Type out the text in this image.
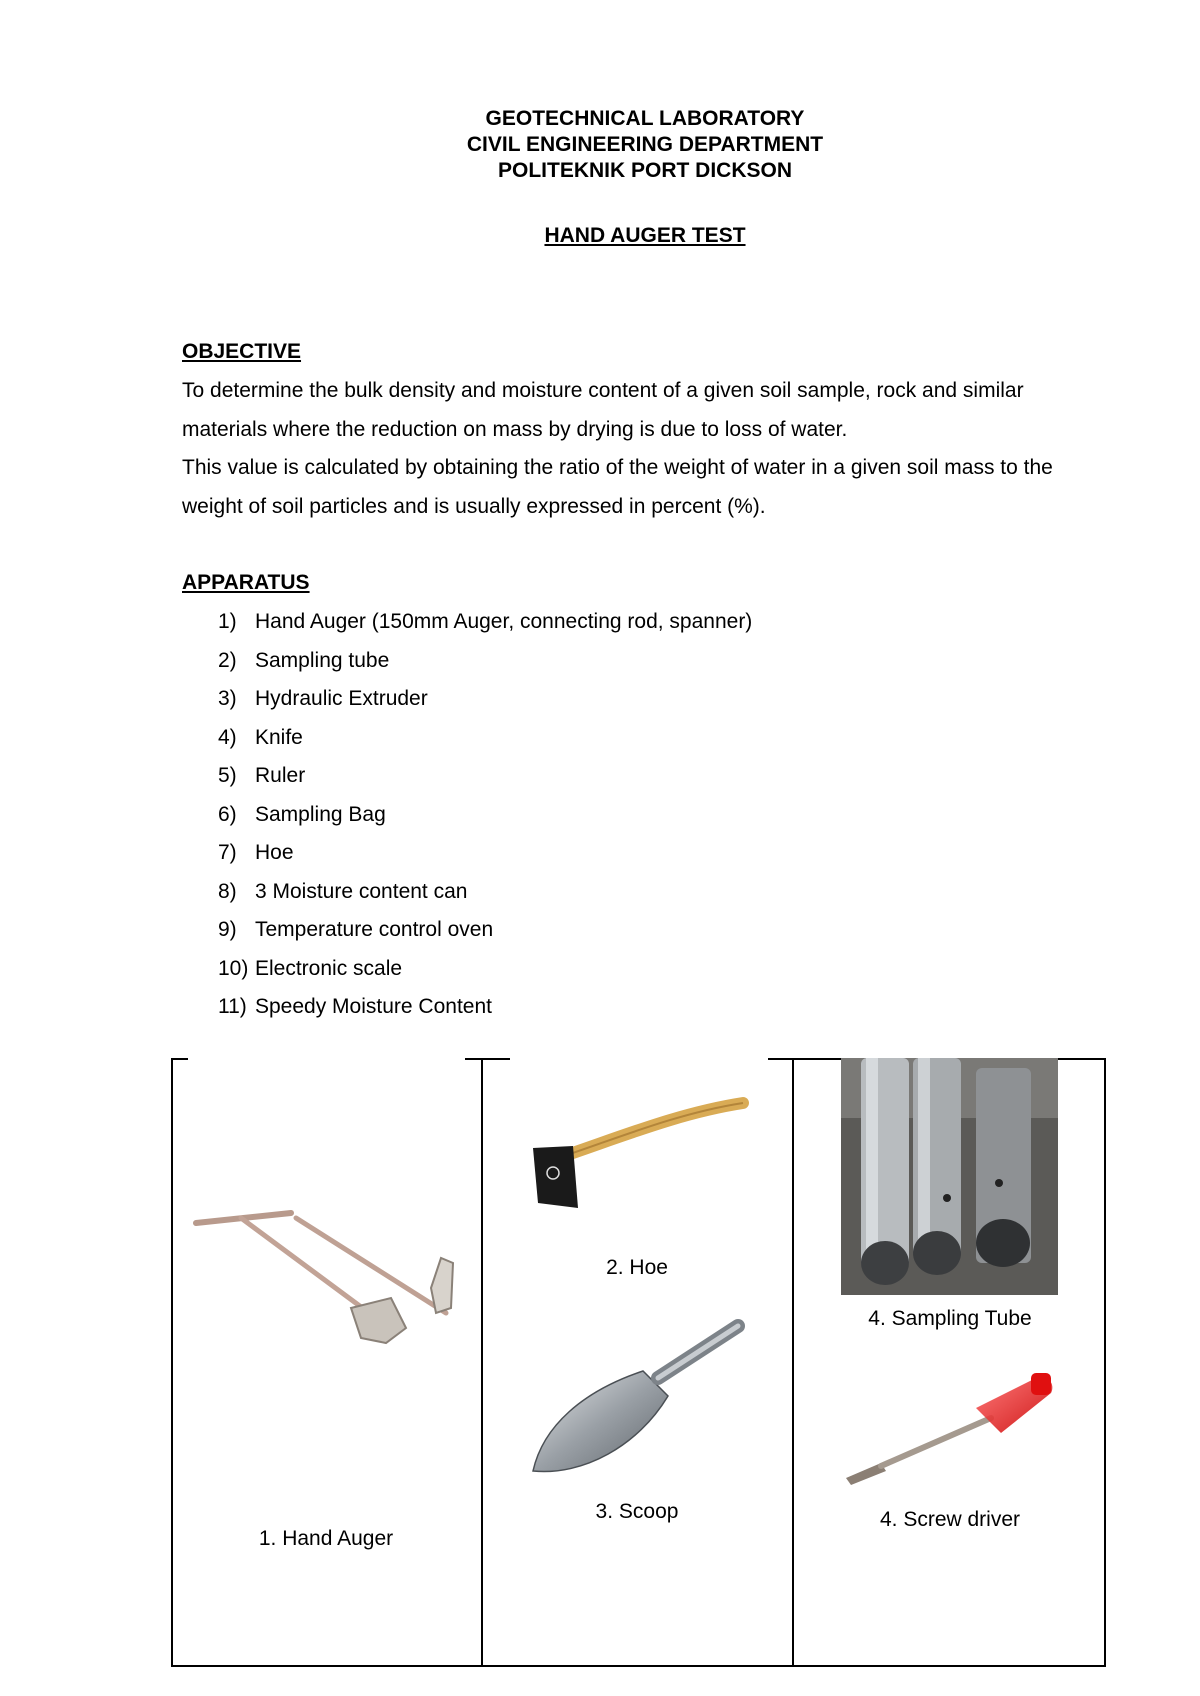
GEOTECHNICAL LABORATORY
CIVIL ENGINEERING DEPARTMENT
POLITEKNIK PORT DICKSON
HAND AUGER TEST
OBJECTIVE

To determine the bulk density and moisture content of a given soil sample, rock and similar materials where the reduction on mass by drying is due to loss of water.

This value is calculated by obtaining the ratio of the weight of water in a given soil mass to the weight of soil particles and is usually expressed in percent (%).

APPARATUS
1) Hand Auger (150mm Auger, connecting rod, spanner)
2) Sampling tube
3) Hydraulic Extruder
4) Knife
5) Ruler
6) Sampling Bag
7) Hoe
8) 3 Moisture content can
9) Temperature control oven
10) Electronic scale
11) Speedy Moisture Content
1. Hand Auger
2. Hoe
3. Scoop
4. Sampling Tube
4. Screw driver
